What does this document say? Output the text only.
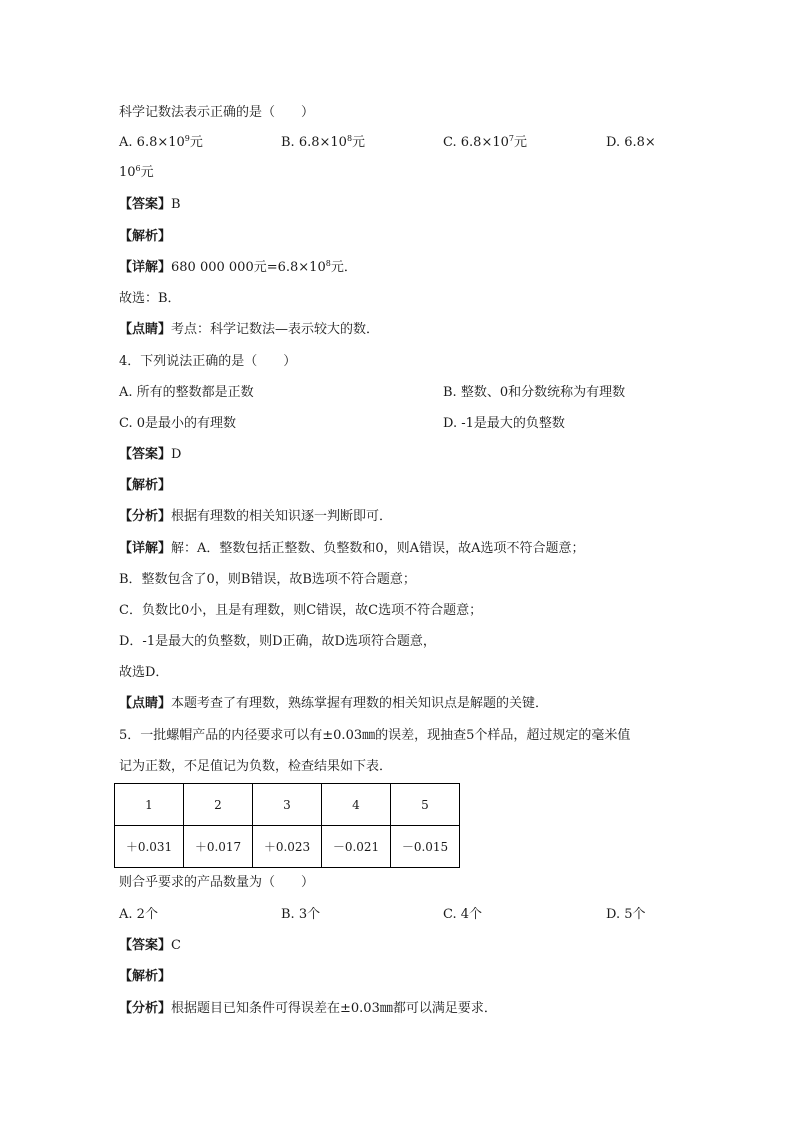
科学记数法表示正确的是（　　）
A. $6.8\times 10^9$元	B. $6.8\times 10^8$元	C. $6.8\times 10^7$元	D. 6.8×
$10^6$元
【答案】B
【解析】
【详解】680 000 000元$=6.8\times 10^8$元．
故选：B．
【点睛】考点：科学记数法—表示较大的数．
4．下列说法正确的是（　　）
A. 所有的整数都是正数	B. 整数、0和分数统称为有理数
C. 0是最小的有理数	D. -1是最大的负整数
【答案】D
【解析】
【分析】根据有理数的相关知识逐一判断即可．
【详解】解：A．整数包括正整数、负整数和0，则A错误，故A选项不符合题意；
B．整数包含了0，则B错误，故B选项不符合题意；
C．负数比0小，且是有理数，则C错误，故C选项不符合题意；
D．-1是最大的负整数，则D正确，故D选项符合题意，
故选D．
【点睛】本题考查了有理数，熟练掌握有理数的相关知识点是解题的关键．
5．一批螺帽产品的内径要求可以有±0.03㎜的误差，现抽查5个样品，超过规定的毫米值
记为正数，不足值记为负数，检查结果如下表．
1	2	3	4	5
＋0.031	＋0.017	＋0.023	－0.021	－0.015
则合乎要求的产品数量为（　　）
A. 2个	B. 3个	C. 4个	D. 5个
【答案】C
【解析】
【分析】根据题目已知条件可得误差在±0.03㎜都可以满足要求．
